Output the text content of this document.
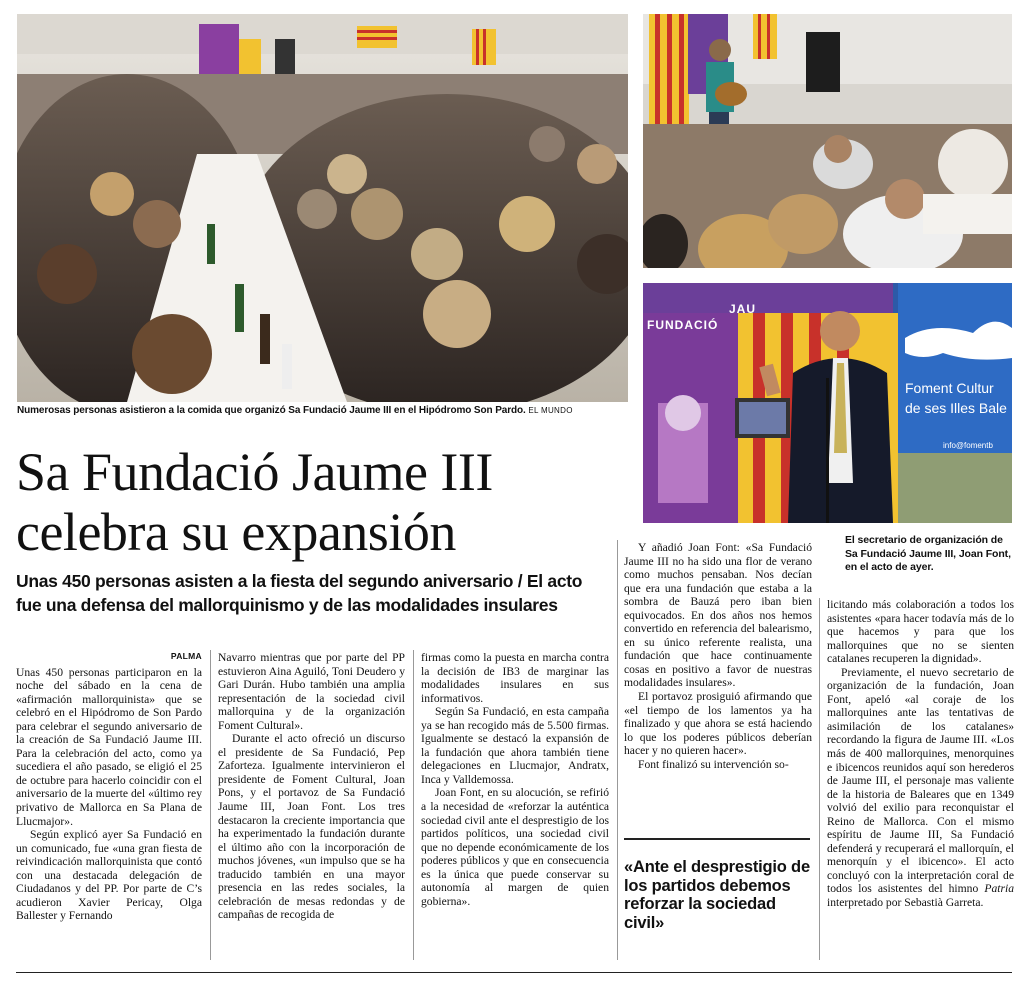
Numerosas personas asistieron a la comida que organizó Sa Fundació Jaume III en el Hipódromo Son Pardo. EL MUNDO
FUNDACIÓ
JAU
Foment Cultur
de ses Illes Bale
info@fomentb
El secretario de organización de Sa Fundació Jaume III, Joan Font, en el acto de ayer.
Sa Fundació Jaume III
celebra su expansión
Unas 450 personas asisten a la fiesta del segundo aniversario / El acto
fue una defensa del mallorquinismo y de las modalidades insulares
PALMA

Unas 450 personas participaron en la noche del sábado en la cena de «afirmación mallorquinista» que se celebró en el Hipódromo de Son Pardo para celebrar el segundo aniversario de la creación de Sa Fundació Jaume III. Para la celebración del acto, como ya sucediera el año pasado, se eligió el 25 de octubre para hacerlo coincidir con el aniversario de la muerte del «último rey privativo de Mallorca en Sa Plana de Llucmajor».

Según explicó ayer Sa Fundació en un comunicado, fue «una gran fiesta de reivindicación mallorquinista que contó con una destacada delegación de Ciudadanos y del PP. Por parte de C’s acudieron Xavier Pericay, Olga Ballester y Fernando

Navarro mientras que por parte del PP estuvieron Aina Aguiló, Toni Deudero y Gari Durán. Hubo también una amplia representación de la sociedad civil mallorquina y de la organización Foment Cultural».

Durante el acto ofreció un discurso el presidente de Sa Fundació, Pep Zaforteza. Igualmente intervinieron el presidente de Foment Cultural, Joan Pons, y el portavoz de Sa Fundació Jaume III, Joan Font. Los tres destacaron la creciente importancia que ha experimentado la fundación durante el último año con la incorporación de muchos jóvenes, «un impulso que se ha traducido también en una mayor presencia en las redes sociales, la celebración de mesas redondas y de campañas de recogida de

firmas como la puesta en marcha contra la decisión de IB3 de marginar las modalidades insulares en sus informativos.

Según Sa Fundació, en esta campaña ya se han recogido más de 5.500 firmas. Igualmente se destacó la expansión de la fundación que ahora también tiene delegaciones en Llucmajor, Andratx, Inca y Valldemossa.

Joan Font, en su alocución, se refirió a la necesidad de «reforzar la auténtica sociedad civil ante el desprestigio de los partidos políticos, una sociedad civil que no depende económicamente de los poderes públicos y que en consecuencia es la única que puede conservar su autonomía al margen de quien gobierna».

Y añadió Joan Font: «Sa Fundació Jaume III no ha sido una flor de verano como muchos pensaban. Nos decían que era una fundación que estaba a la sombra de Bauzá pero iban bien equivocados. En dos años nos hemos convertido en referencia del balearismo, en su único referente realista, una fundación que hace continuamente cosas en positivo a favor de nuestras modalidades insulares».

El portavoz prosiguió afirmando que «el tiempo de los lamentos ya ha finalizado y que ahora se está haciendo lo que los poderes públicos deberían hacer y no quieren hacer».

Font finalizó su intervención so-

«Ante el desprestigio de los partidos debemos reforzar la sociedad civil»

licitando más colaboración a todos los asistentes «para hacer todavía más de lo que hacemos y para que los mallorquines que no se sienten catalanes recuperen la dignidad».

Previamente, el nuevo secretario de organización de la fundación, Joan Font, apeló «al coraje de los mallorquines ante las tentativas de asimilación de los catalanes» recordando la figura de Jaume III. «Los más de 400 mallorquines, menorquines e ibicencos reunidos aquí son herederos de Jaume III, el personaje mas valiente de la historia de Baleares que en 1349 volvió del exilio para reconquistar el Reino de Mallorca. Con el mismo espíritu de Jaume III, Sa Fundació defenderá y recuperará el mallorquín, el menorquín y el ibicenco». El acto concluyó con la interpretación coral de todos los asistentes del himno Patria interpretado por Sebastià Garreta.
